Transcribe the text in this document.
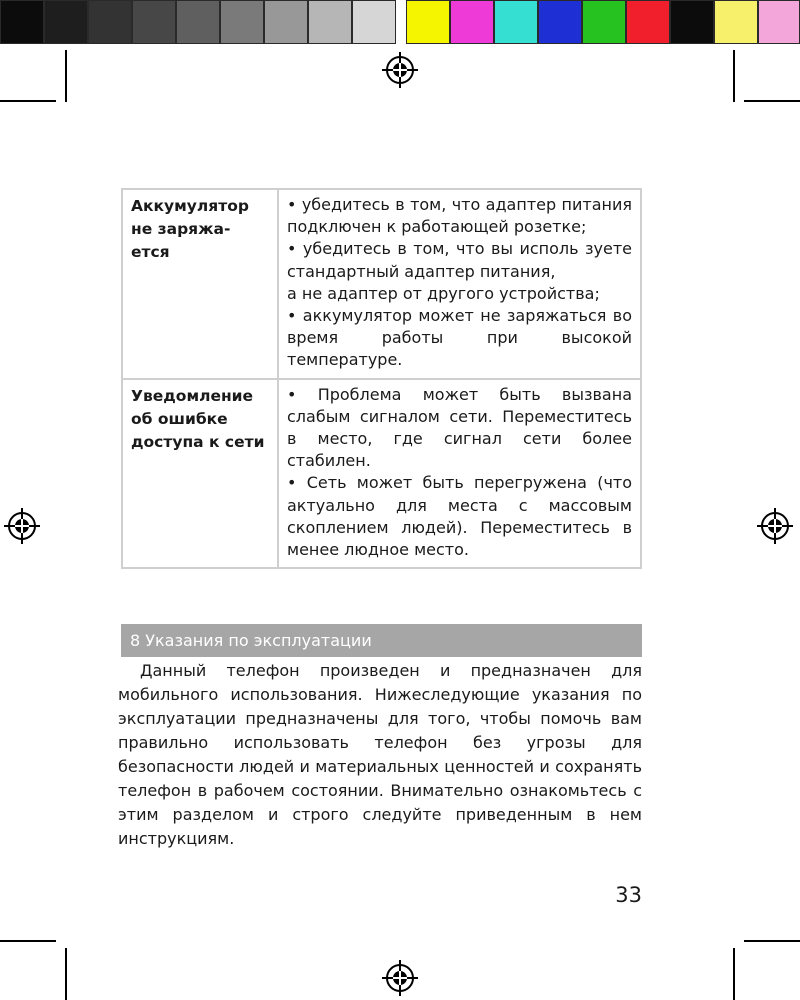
Аккумулятор не заряжа-ется	• убедитесь в том, что адаптер питания подключен к работающей розетке;
• убедитесь в том, что вы исполь зуете стандартный адаптер питания,
а не адаптер от другого устройства;
• аккумулятор может не заряжаться во время работы при высокой температуре.

Уведомление об ошибке доступа к сети	• Проблема может быть вызвана слабым сигналом сети. Переместитесь в место, где сигнал сети более стабилен.
• Сеть может быть перегружена (что актуально для места с массовым скоплением людей). Переместитесь в менее людное место.
8 Указания по эксплуатации
Данный телефон произведен и предназначен для мобильного использования. Нижеследующие указания по эксплуатации предназначены для того, чтобы помочь вам правильно использовать телефон без угрозы для безопасности людей и материальных ценностей и сохранять телефон в рабочем состоянии. Внимательно ознакомьтесь с этим разделом и строго следуйте приведенным в нем инструкциям.
33
